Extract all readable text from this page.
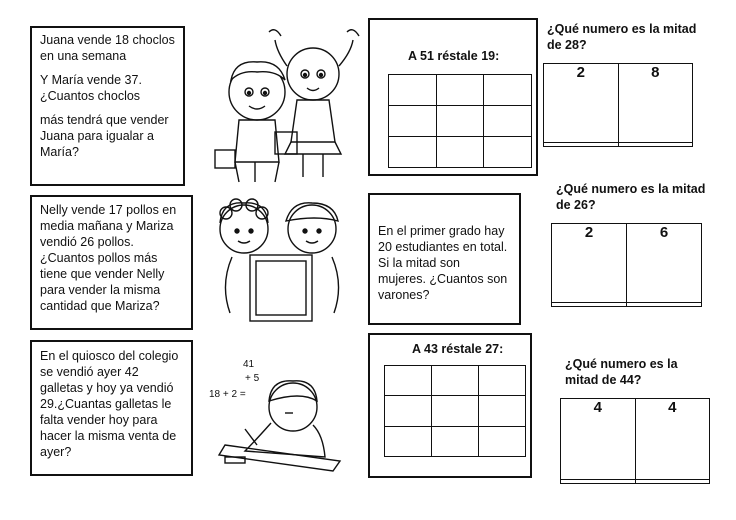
Juana vende 18 choclos en una semana

Y María vende 37. ¿Cuantos choclos

más tendrá que vender Juana para igualar a María?

Nelly vende 17 pollos en media mañana y Mariza vendió 26 pollos. ¿Cuantos pollos más tiene que vender Nelly para vender la misma cantidad que Mariza?

En el quiosco del colegio se vendió ayer 42 galletas y hoy ya vendió 29.¿Cuantas galletas le falta vender hoy para hacer la misma venta de ayer?

41
+ 5
18 + 2 =
A 51 réstale 19:

En el primer grado hay 20 estudiantes en total. Si la mitad son mujeres. ¿Cuantos son varones?

A 43 réstale 27:

¿Qué numero es la mitad de 28?
2	8

¿Qué numero es la mitad de 26?
2	6

¿Qué numero es la mitad de 44?
4	4
